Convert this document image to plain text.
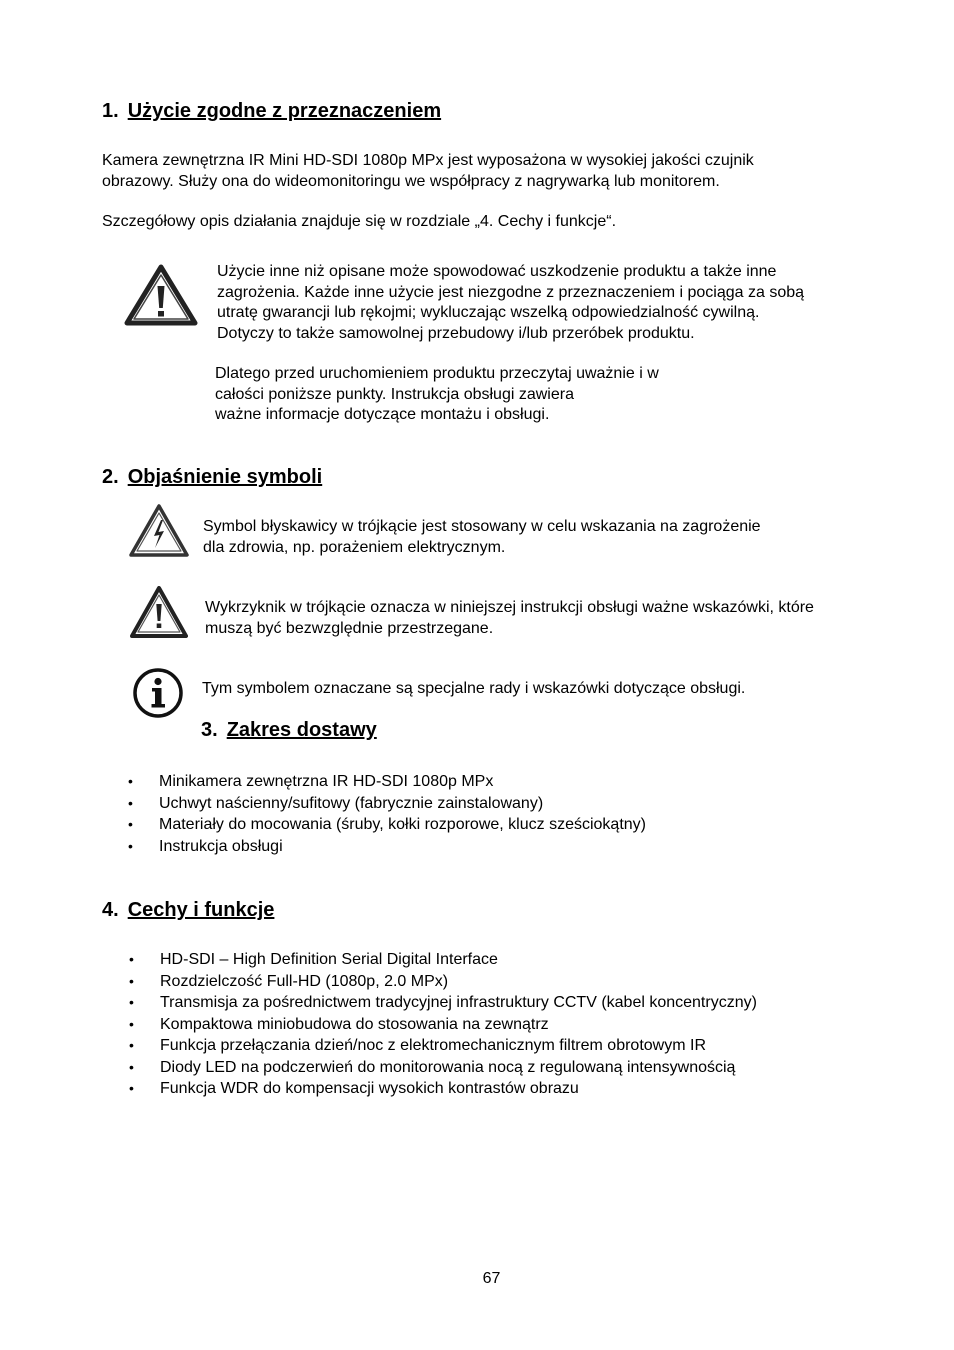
1. Użycie zgodne z przeznaczeniem
Kamera zewnętrzna IR Mini HD-SDI 1080p MPx jest wyposażona w wysokiej jakości czujnik
obrazowy. Służy ona do wideomonitoringu we współpracy z nagrywarką lub monitorem.
Szczegółowy opis działania znajduje się w rozdziale „4. Cechy i funkcje“.
Użycie inne niż opisane może spowodować uszkodzenie produktu a także inne
zagrożenia. Każde inne użycie jest niezgodne z przeznaczeniem i pociąga za sobą
utratę gwarancji lub rękojmi; wykluczając wszelką odpowiedzialność cywilną.
Dotyczy to także samowolnej przebudowy i/lub przeróbek produktu.
Dlatego przed uruchomieniem produktu przeczytaj uważnie i w
całości poniższe punkty. Instrukcja obsługi zawiera
ważne informacje dotyczące montażu i obsługi.
2. Objaśnienie symboli
Symbol błyskawicy w trójkącie jest stosowany w celu wskazania na zagrożenie
dla zdrowia, np. porażeniem elektrycznym.
Wykrzyknik w trójkącie oznacza w niniejszej instrukcji obsługi ważne wskazówki, które
muszą być bezwzględnie przestrzegane.
Tym symbolem oznaczane są specjalne rady i wskazówki dotyczące obsługi.
3. Zakres dostawy
• Minikamera zewnętrzna IR HD-SDI 1080p MPx
• Uchwyt naścienny/sufitowy (fabrycznie zainstalowany)
• Materiały do mocowania (śruby, kołki rozporowe, klucz sześciokątny)
• Instrukcja obsługi
4. Cechy i funkcje
• HD-SDI – High Definition Serial Digital Interface
• Rozdzielczość Full-HD (1080p, 2.0 MPx)
• Transmisja za pośrednictwem tradycyjnej infrastruktury CCTV (kabel koncentryczny)
• Kompaktowa miniobudowa do stosowania na zewnątrz
• Funkcja przełączania dzień/noc z elektromechanicznym filtrem obrotowym IR
• Diody LED na podczerwień do monitorowania nocą z regulowaną intensywnością
• Funkcja WDR do kompensacji wysokich kontrastów obrazu
67
